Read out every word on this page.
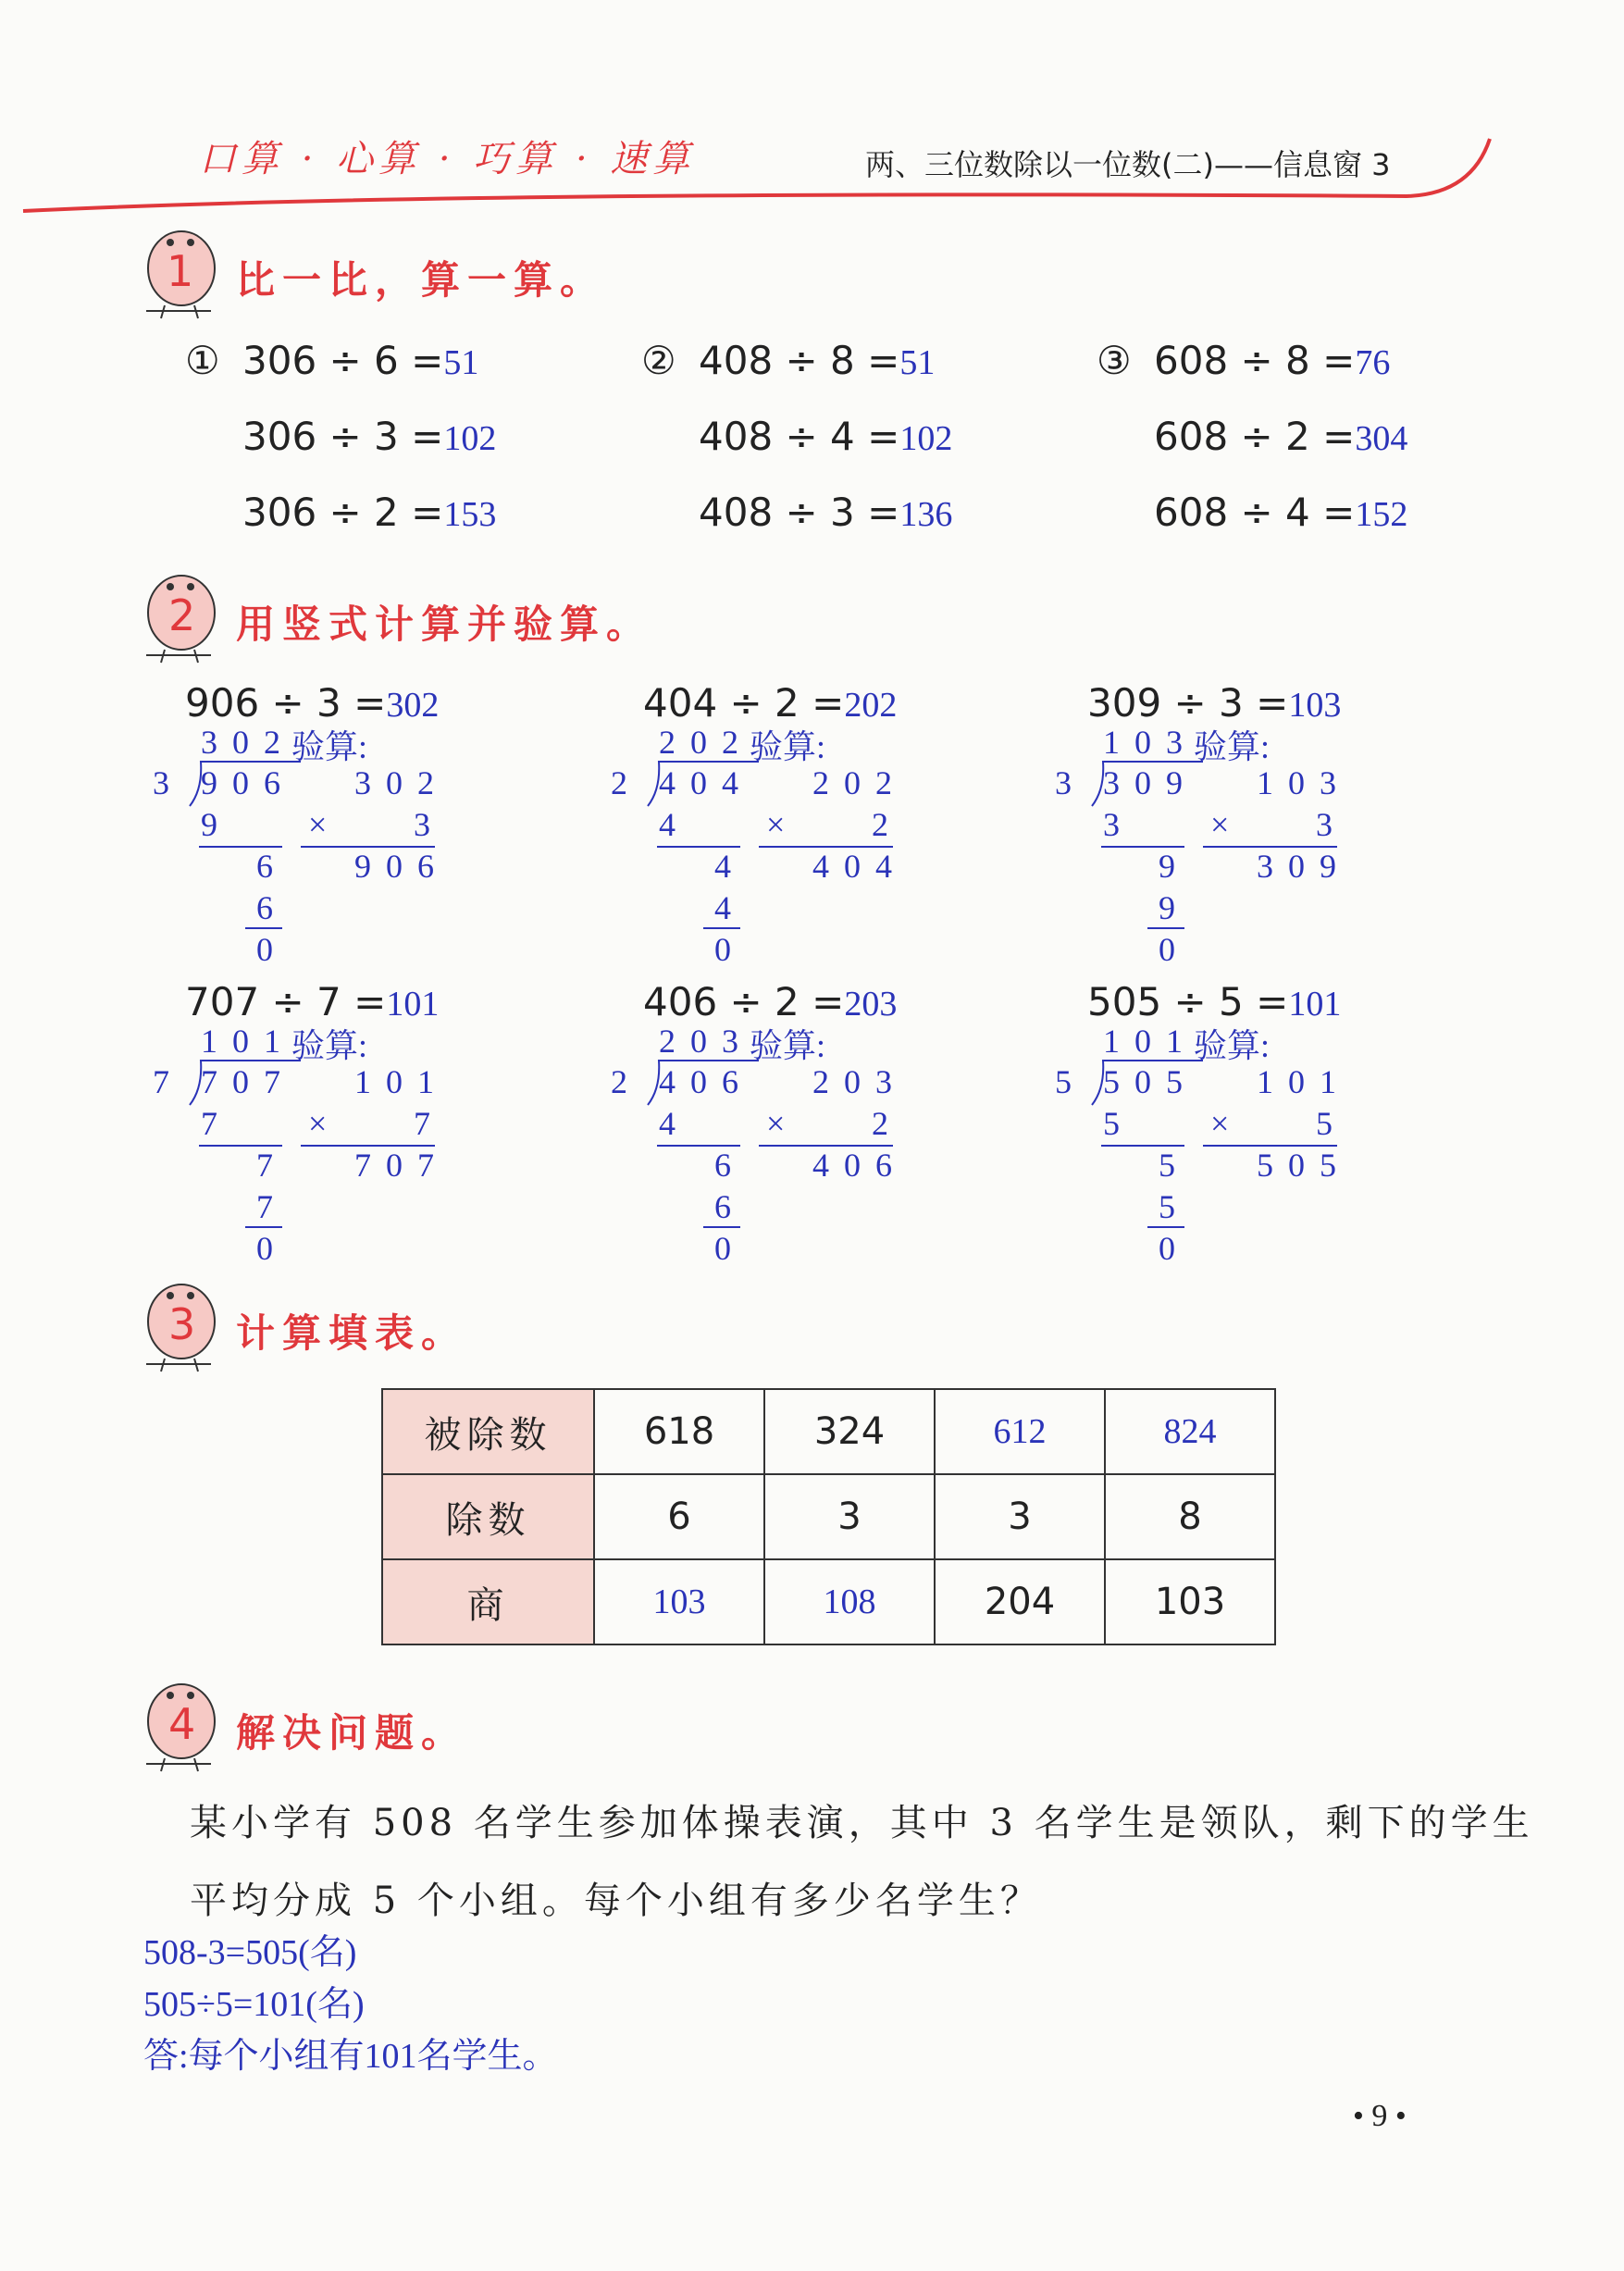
口算 · 心算 · 巧算 · 速算	两、三位数除以一位数(二)——信息窗 3
1 比一比，算一算。
① 306 ÷ 6 =51
306 ÷ 3 =102
306 ÷ 2 =153
② 408 ÷ 8 =51
408 ÷ 4 =102
408 ÷ 3 =136
③ 608 ÷ 8 =76
608 ÷ 2 =304
608 ÷ 4 =152
2 用竖式计算并验算。
906 ÷ 3 =302
302
验算:
3 906
9
6
6
0
302
× 3
906
404 ÷ 2 =202
202
验算:
2 404
4
4
4
0
202
× 2
404
309 ÷ 3 =103
103
验算:
3 309
3
9
9
0
103
× 3
309
707 ÷ 7 =101
101
验算:
7 707
7
7
7
0
101
× 7
707
406 ÷ 2 =203
203
验算:
2 406
4
6
6
0
203
× 2
406
505 ÷ 5 =101
101
验算:
5 505
5
5
5
0
101
× 5
505
3 计算填表。
被除数	618	324	612	824
除数	6	3	3	8
商	103	108	204	103
4 解决问题。
某小学有 508 名学生参加体操表演，其中 3 名学生是领队，剩下的学生
平均分成 5 个小组。每个小组有多少名学生？
508-3=505(名)
505÷5=101(名)
答:每个小组有101名学生。
• 9 •
